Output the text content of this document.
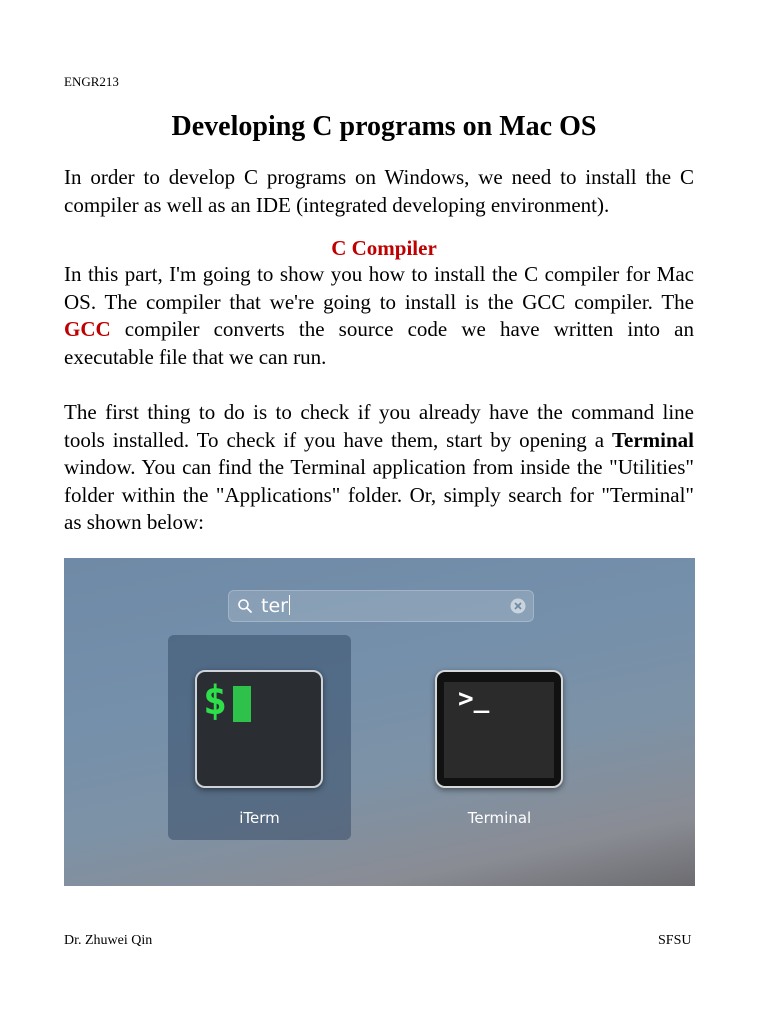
ENGR213
Developing C programs on Mac OS

In order to develop C programs on Windows, we need to install the C compiler as well as an IDE (integrated developing environment).

C Compiler

In this part, I'm going to show you how to install the C compiler for Mac OS. The compiler that we're going to install is the GCC compiler. The GCC compiler converts the source code we have written into an executable file that we can run.

The first thing to do is to check if you already have the command line tools installed. To check if you have them, start by opening a Terminal window. You can find the Terminal application from inside the "Utilities" folder within the "Applications" folder. Or, simply search for "Terminal" as shown below:

ter
$
iTerm
>_
Terminal
Dr. Zhuwei Qin	SFSU
